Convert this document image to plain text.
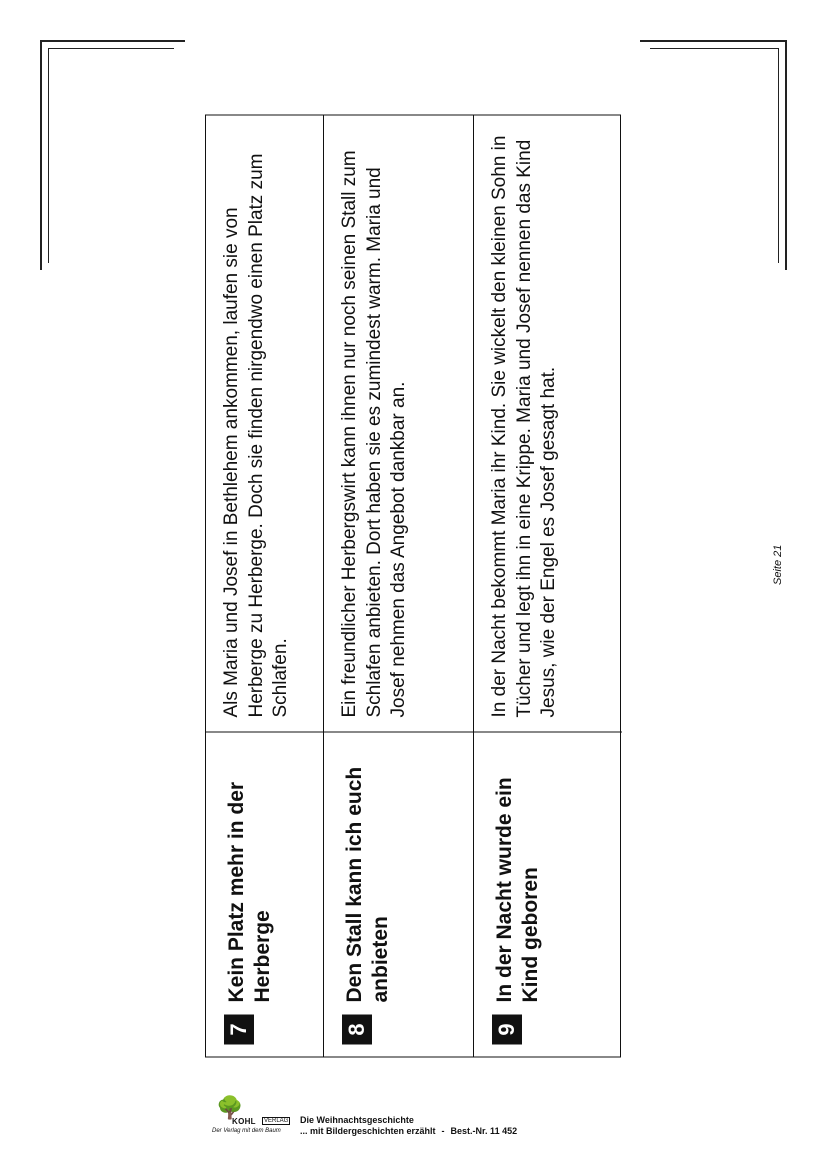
7
Kein Platz mehr in der Herberge
Als Maria und Josef in Bethlehem ankommen, laufen sie von Herberge zu Herberge. Doch sie finden nirgendwo einen Platz zum Schlafen.
8
Den Stall kann ich euch anbieten
Ein freundlicher Herbergswirt kann ihnen nur noch seinen Stall zum Schlafen anbieten. Dort haben sie es zumindest warm. Maria und Josef nehmen das Angebot dankbar an.
9
In der Nacht wurde ein Kind geboren
In der Nacht bekommt Maria ihr Kind. Sie wickelt den kleinen Sohn in Tücher und legt ihn in eine Krippe. Maria und Josef nennen das Kind Jesus, wie der Engel es Josef gesagt hat.	Seite 21
🌳
KOHL	VERLAG
Der Verlag mit dem Baum
Die Weihnachtsgeschichte
... mit Bildergeschichten erzählt - Best.-Nr. 11 452
